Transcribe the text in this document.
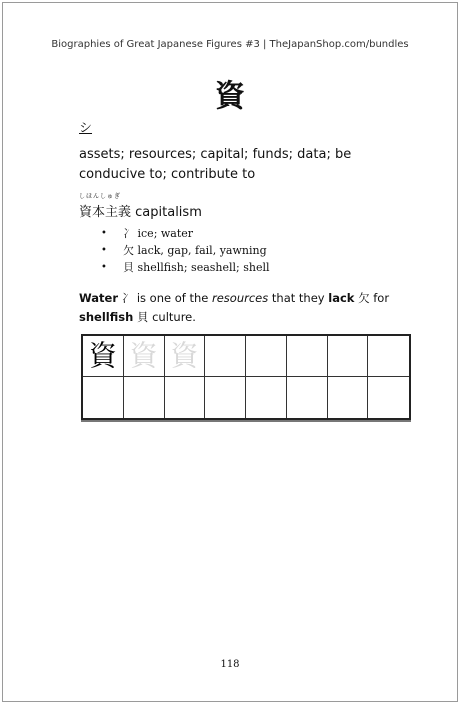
Biographies of Great Japanese Figures #3 | TheJapanShop.com/bundles
資
シ
assets; resources; capital; funds; data; be conducive to; contribute to
しほんしゅぎ
資本主義 capitalism
• 冫 ice; water
• 欠 lack, gap, fail, yawning
• 貝 shellfish; seashell; shell
Water 冫 is one of the resources that they lack 欠 for shellfish 貝 culture.
資 資 資
118
